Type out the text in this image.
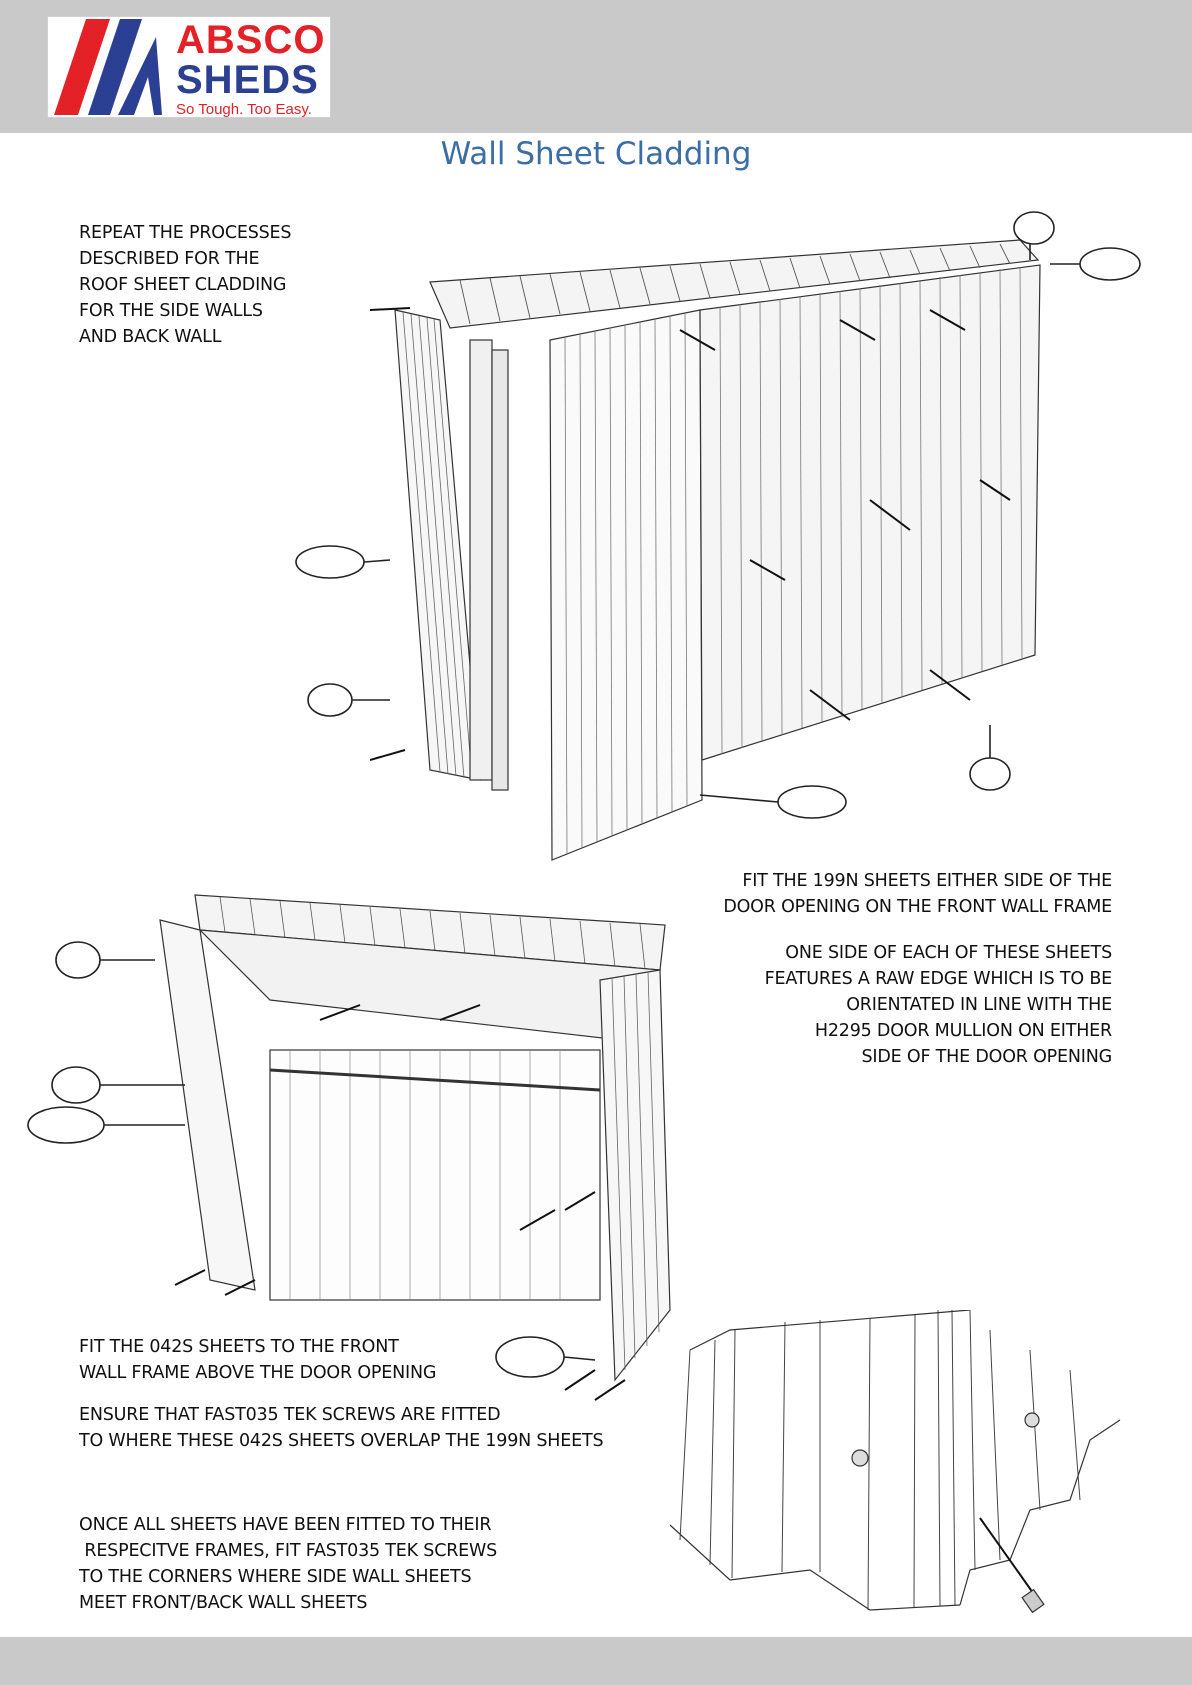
ABSCO
SHEDS
So Tough. Too Easy.
Wall Sheet Cladding
REPEAT THE PROCESSES
DESCRIBED FOR THE
ROOF SHEET CLADDING
FOR THE SIDE WALLS
AND BACK WALL
FIT THE 199N SHEETS EITHER SIDE OF THE
DOOR OPENING ON THE FRONT WALL FRAME
ONE SIDE OF EACH OF THESE SHEETS
FEATURES A RAW EDGE WHICH IS TO BE
ORIENTATED IN LINE WITH THE
H2295 DOOR MULLION ON EITHER
SIDE OF THE DOOR OPENING
FIT THE 042S SHEETS TO THE FRONT
WALL FRAME ABOVE THE DOOR OPENING
ENSURE THAT FAST035 TEK SCREWS ARE FITTED
TO WHERE THESE 042S SHEETS OVERLAP THE 199N SHEETS
ONCE ALL SHEETS HAVE BEEN FITTED TO THEIR
RESPECITVE FRAMES, FIT FAST035 TEK SCREWS
TO THE CORNERS WHERE SIDE WALL SHEETS
MEET FRONT/BACK WALL SHEETS
